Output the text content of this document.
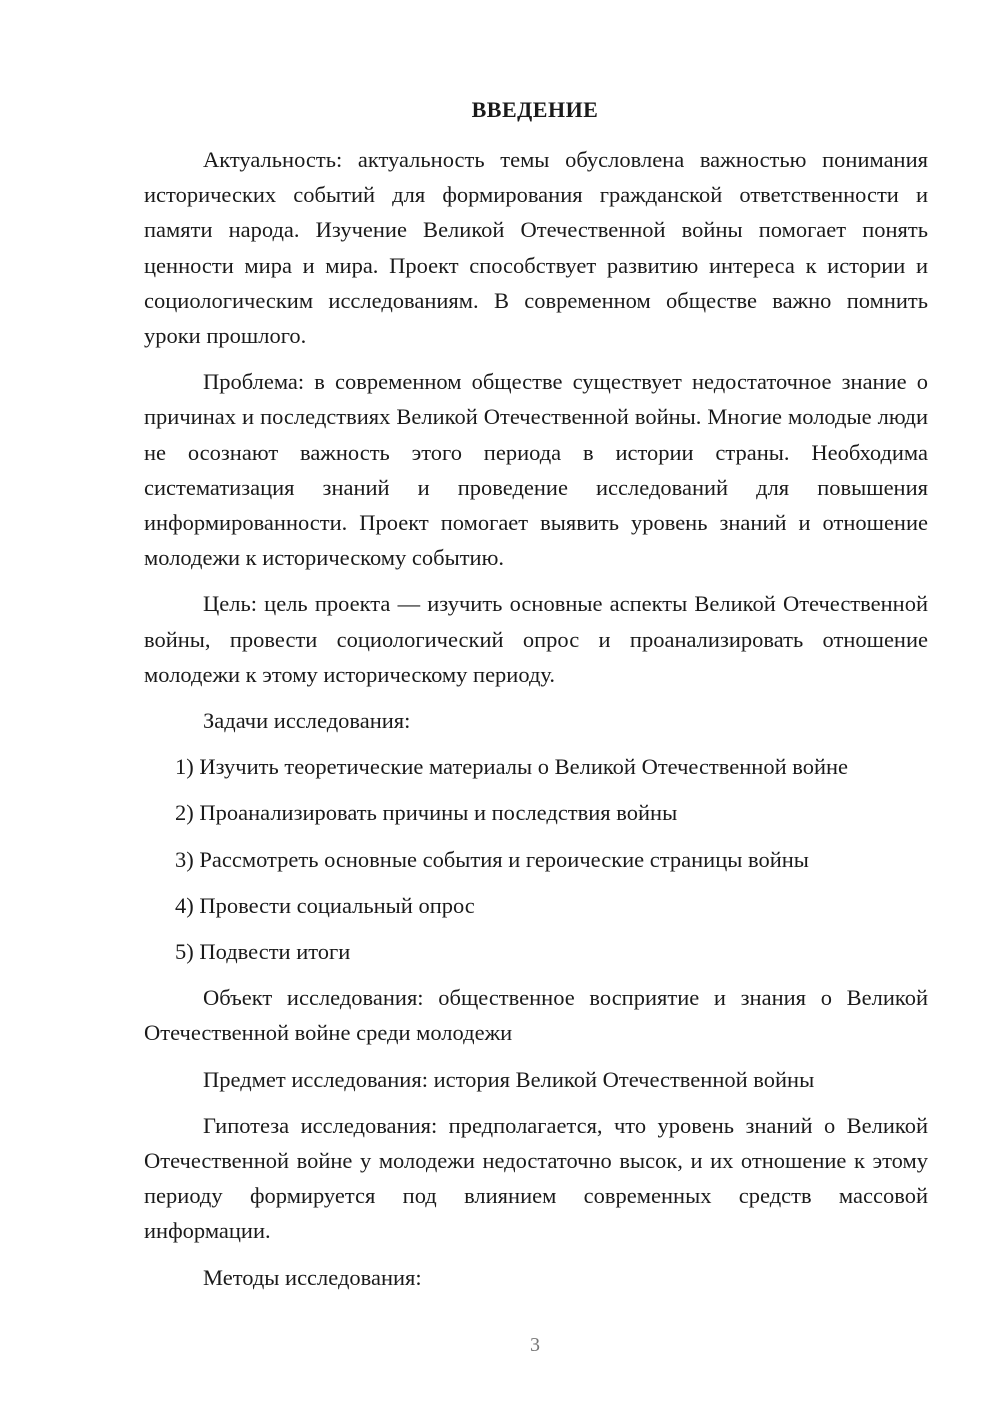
ВВЕДЕНИЕ

Актуальность: актуальность темы обусловлена важностью понимания исторических событий для формирования гражданской ответственности и памяти народа. Изучение Великой Отечественной войны помогает понять ценности мира и мира. Проект способствует развитию интереса к истории и социологическим исследованиям. В современном обществе важно помнить уроки прошлого.

Проблема: в современном обществе существует недостаточное знание о причинах и последствиях Великой Отечественной войны. Многие молодые люди не осознают важность этого периода в истории страны. Необходима систематизация знаний и проведение исследований для повышения информированности. Проект помогает выявить уровень знаний и отношение молодежи к историческому событию.

Цель: цель проекта — изучить основные аспекты Великой Отечественной войны, провести социологический опрос и проанализировать отношение молодежи к этому историческому периоду.

Задачи исследования:

1) Изучить теоретические материалы о Великой Отечественной войне

2) Проанализировать причины и последствия войны

3) Рассмотреть основные события и героические страницы войны

4) Провести социальный опрос

5) Подвести итоги

Объект исследования: общественное восприятие и знания о Великой Отечественной войне среди молодежи

Предмет исследования: история Великой Отечественной войны

Гипотеза исследования: предполагается, что уровень знаний о Великой Отечественной войне у молодежи недостаточно высок, и их отношение к этому периоду формируется под влиянием современных средств массовой информации.

Методы исследования:

3
